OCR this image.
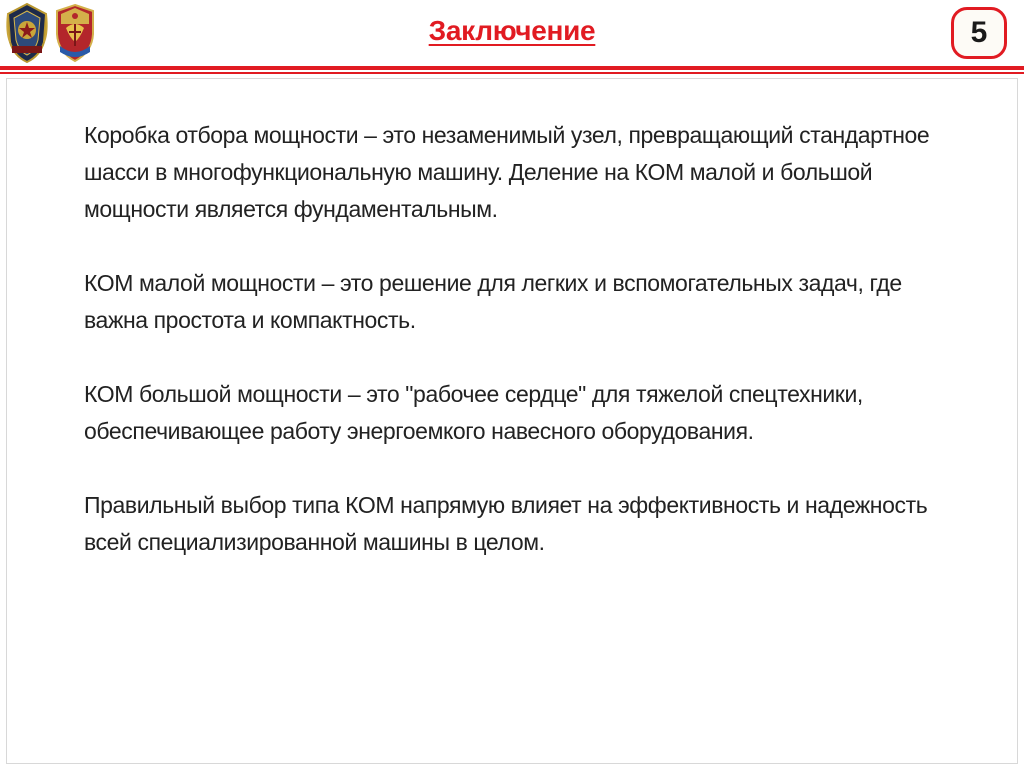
Заключение	5

Коробка отбора мощности – это незаменимый узел, превращающий стандартное шасси в многофункциональную машину. Деление на КОМ малой и большой мощности является фундаментальным.

КОМ малой мощности – это решение для легких и вспомогательных задач, где важна простота и компактность.

КОМ большой мощности – это "рабочее сердце" для тяжелой спецтехники, обеспечивающее работу энергоемкого навесного оборудования.

Правильный выбор типа КОМ напрямую влияет на эффективность и надежность всей специализированной машины в целом.
